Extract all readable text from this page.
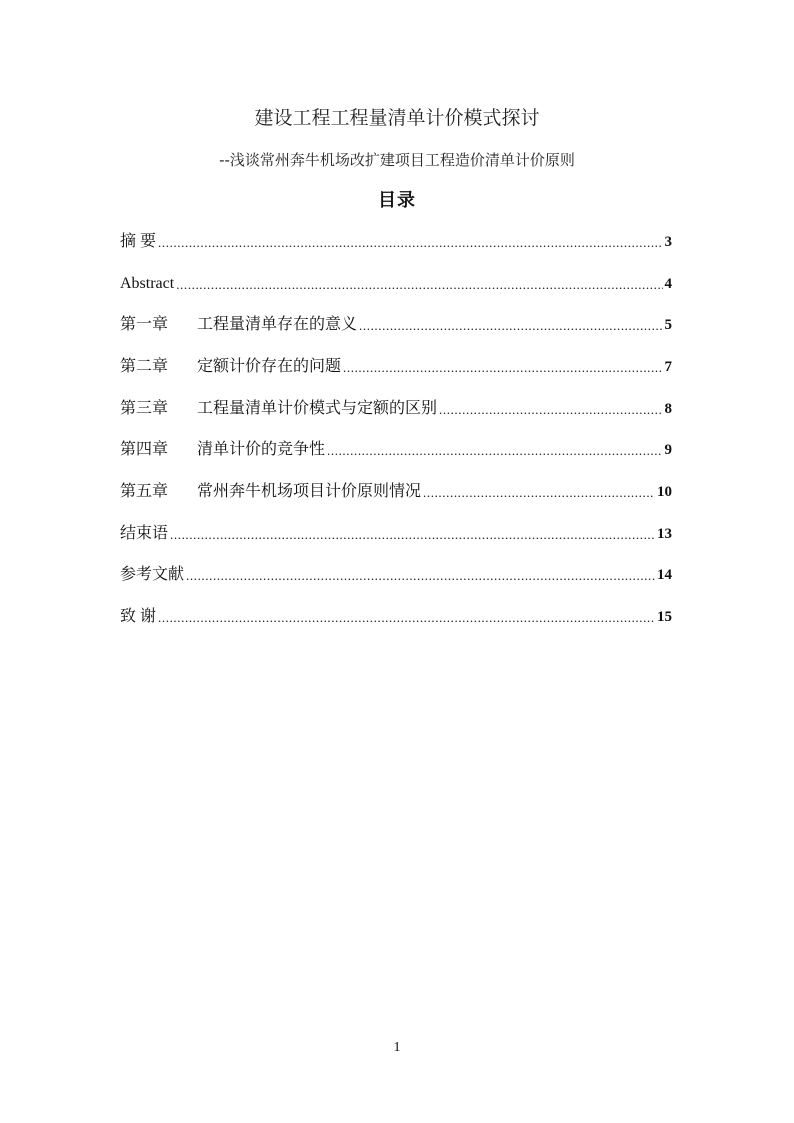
建设工程工程量清单计价模式探讨
--浅谈常州奔牛机场改扩建项目工程造价清单计价原则
目录
摘 要 .....	3
Abstract .....	4
第一章	工程量清单存在的意义 .....	5
第二章	定额计价存在的问题 .....	7
第三章	工程量清单计价模式与定额的区别 .....	8
第四章	清单计价的竞争性 .....	9
第五章	常州奔牛机场项目计价原则情况 .....	10
结束语 .....	13
参考文献 .....	14
致 谢 .....	15
1
